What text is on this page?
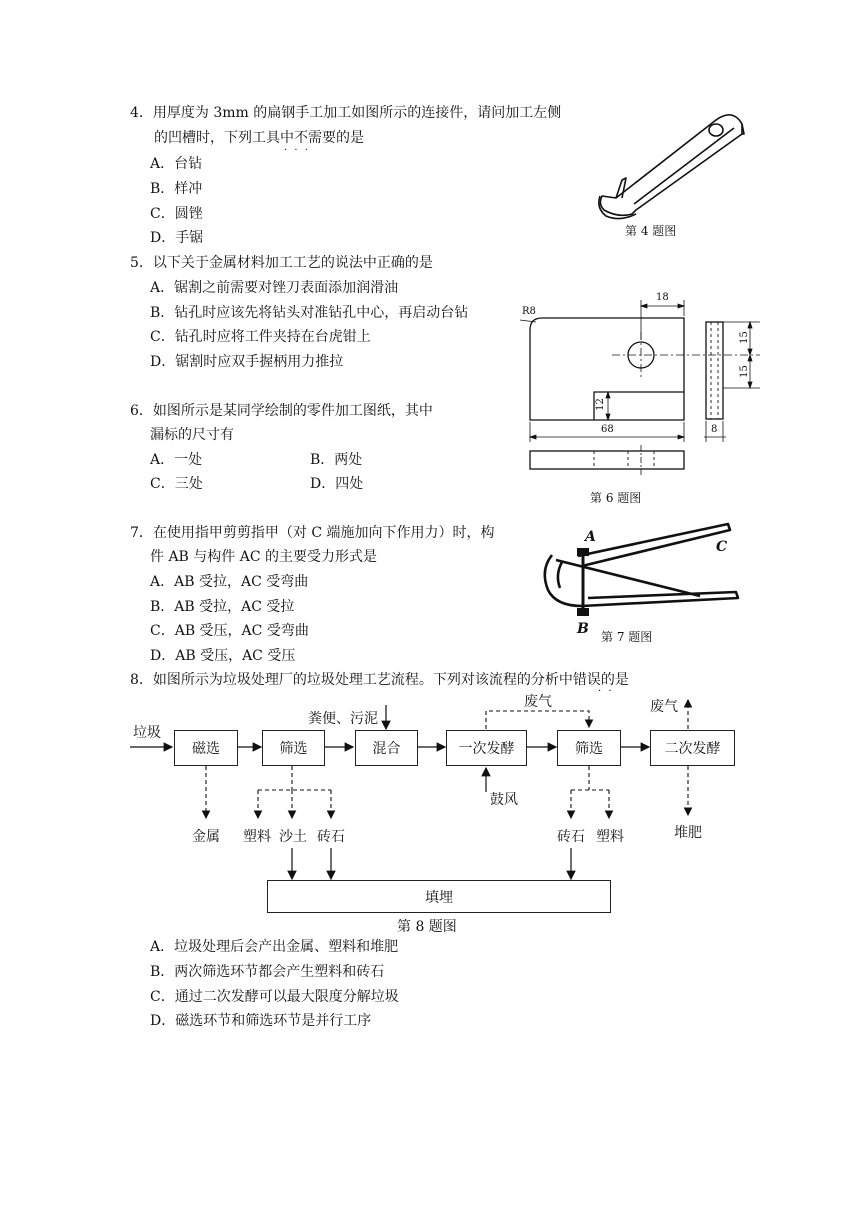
4．用厚度为 3mm 的扁钢手工加工如图所示的连接件，请问加工左侧
的凹槽时，下列工具中不需要的是
· · ·
A．台钻
B．样冲
C．圆锉
D．手锯	第 4 题图
5．以下关于金属材料加工工艺的说法中正确的是
A．锯割之前需要对锉刀表面添加润滑油
B．钻孔时应该先将钻头对准钻孔中心，再启动台钻
C．钻孔时应将工件夹持在台虎钳上
D．锯割时应双手握柄用力推拉
6．如图所示是某同学绘制的零件加工图纸，其中
漏标的尺寸有
A．一处	B．两处
C．三处	D．四处
R8
18
15
15
12
68	8
第 6 题图
7．在使用指甲剪剪指甲（对 C 端施加向下作用力）时，构
件 AB 与构件 AC 的主要受力形式是
A．AB 受拉，AC 受弯曲
B．AB 受拉，AC 受拉
C．AB 受压，AC 受弯曲
D．AB 受压，AC 受压
A
B
C
第 7 题图
8．如图所示为垃圾处理厂的垃圾处理工艺流程。下列对该流程的分析中错误的是
· ·
垃圾
磁选	筛选	混合	一次发酵	筛选	二次发酵
粪便、污泥
废气	废气
鼓风
金属 塑料 沙土 砖石	砖石 塑料	堆肥
填埋
第 8 题图
A．垃圾处理后会产出金属、塑料和堆肥
B．两次筛选环节都会产生塑料和砖石
C．通过二次发酵可以最大限度分解垃圾
D．磁选环节和筛选环节是并行工序
